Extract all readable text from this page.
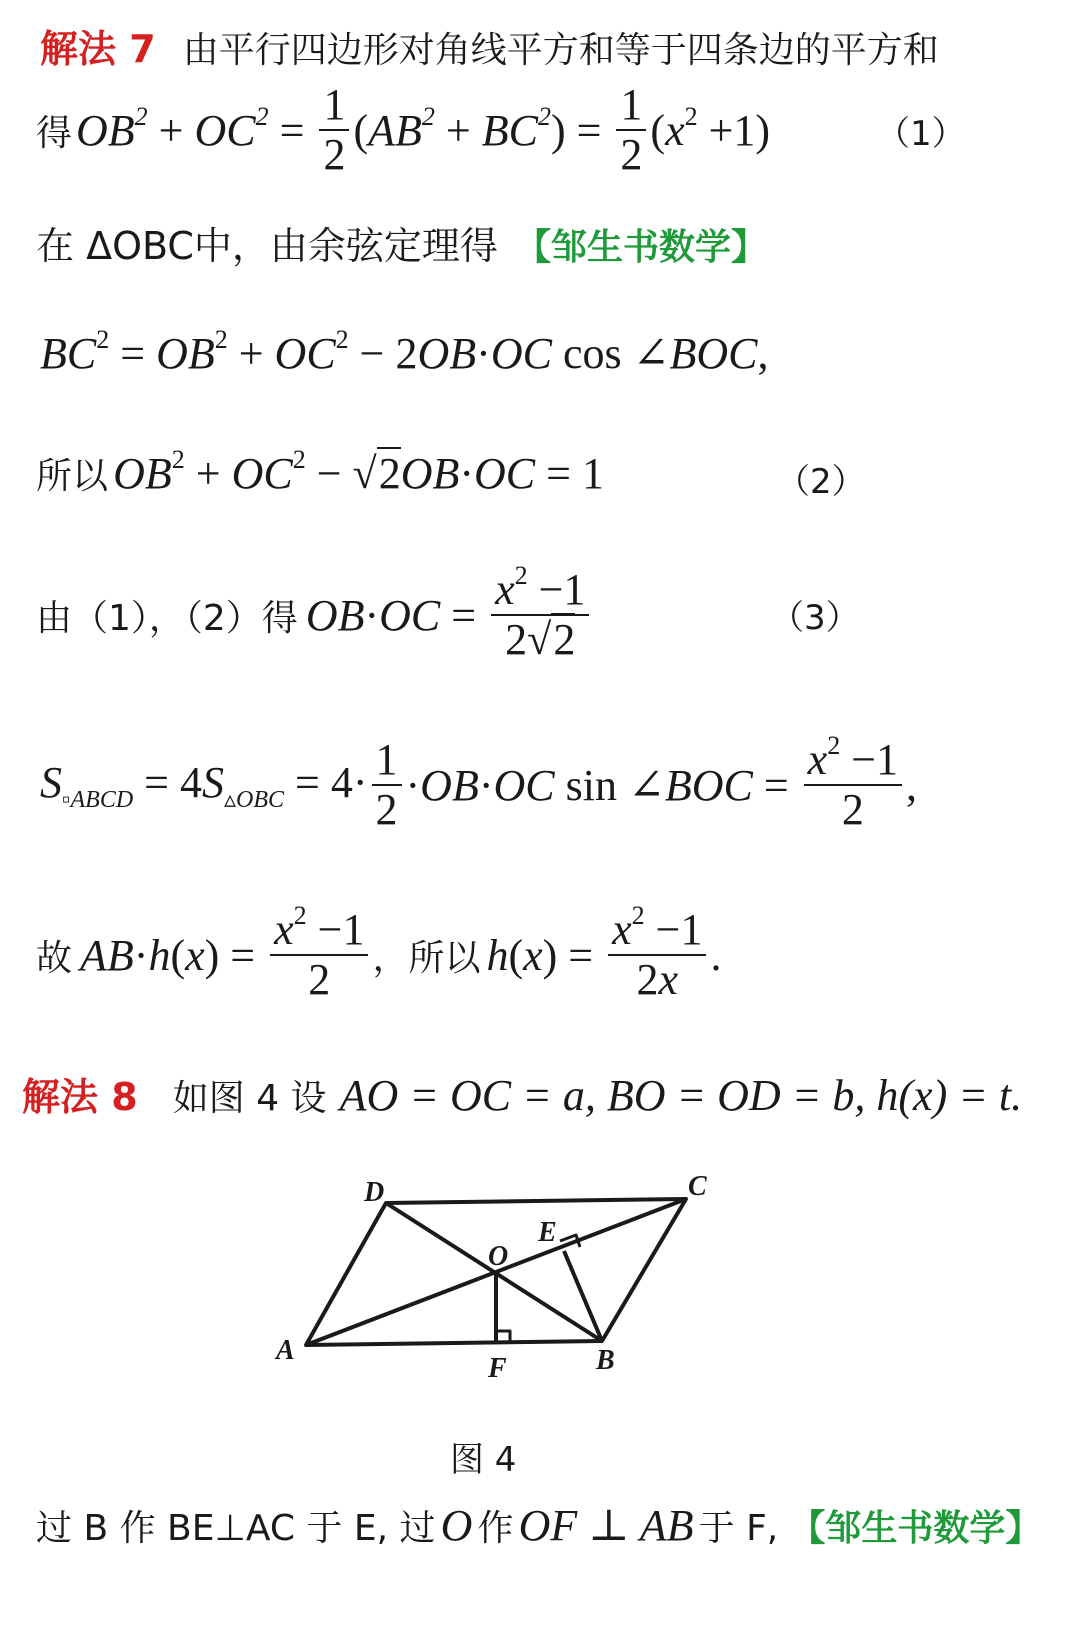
解法 7 由平行四边形对角线平方和等于四条边的平方和
得 $OB^2 + OC^2 = \frac{1}{2}$ ( $AB^2 + BC^2$ ) = $\frac{1}{2}$ ( x $^2$ +1)	（1）
在 ΔOBC中，由余弦定理得 【邹生书数学】
$BC^2 = OB^2 + OC^2 - 2OB\cdot OC$ cos ∠BOC,
所以 $OB^2 + OC^2 - √2OB\cdot OC = 1$	（2）
由（1），（2）得 $OB\cdot OC = \frac{x^2 -1}{2√2}$	（3）
$S_{▫ABCD} = 4S_{▵OBC} = 4\cdot \frac{1}{2} \cdot OB\cdot OC$ sin ∠BOC = $\frac{x^2 -1}{2}$ ,
故 $AB\cdot h(x) = \frac{x^2 -1}{2}$ ，所以 $h(x) = \frac{x^2 -1}{2x}$ .
解法 8 如图 4 设 AO = OC = a, BO = OD = b, h(x) = t.
D	C
E
O
A
F	B
图 4
过 B 作 BE⊥AC 于 E, 过 O 作 OF ⊥ AB 于 F, 【邹生书数学】
